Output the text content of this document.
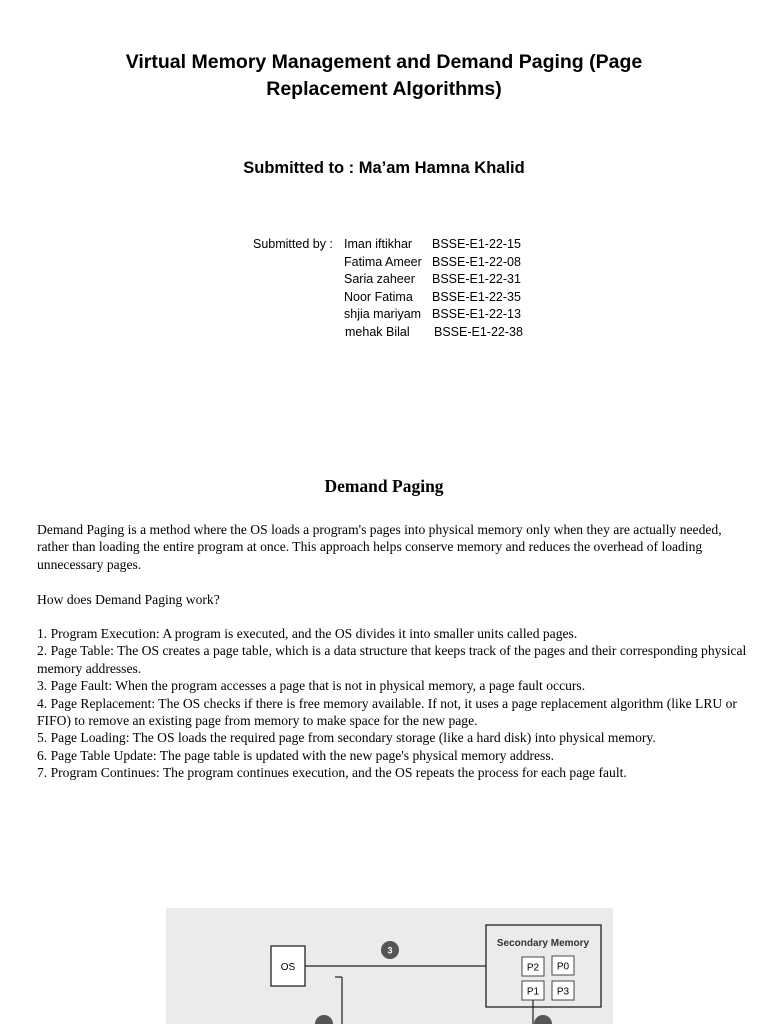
Virtual Memory Management and Demand Paging (Page
Replacement Algorithms)
Submitted to : Ma’am Hamna Khalid
Submitted by : Iman iftikhar BSSE-E1-22-15
Fatima Ameer BSSE-E1-22-08
Saria zaheer BSSE-E1-22-31
Noor Fatima BSSE-E1-22-35
shjia mariyam BSSE-E1-22-13
mehak Bilal BSSE-E1-22-38
Demand Paging
Demand Paging is a method where the OS loads a program's pages into physical memory only when they are actually needed, rather than loading the entire program at once. This approach helps conserve memory and reduces the overhead of loading unnecessary pages.
How does Demand Paging work?
1. Program Execution: A program is executed, and the OS divides it into smaller units called pages.
2. Page Table: The OS creates a page table, which is a data structure that keeps track of the pages and their corresponding physical memory addresses.
3. Page Fault: When the program accesses a page that is not in physical memory, a page fault occurs.
4. Page Replacement: The OS checks if there is free memory available. If not, it uses a page replacement algorithm (like LRU or FIFO) to remove an existing page from memory to make space for the new page.
5. Page Loading: The OS loads the required page from secondary storage (like a hard disk) into physical memory.
6. Page Table Update: The page table is updated with the new page's physical memory address.
7. Program Continues: The program continues execution, and the OS repeats the process for each page fault.
OS
3
Secondary Memory
P2 P0
P1 P3
